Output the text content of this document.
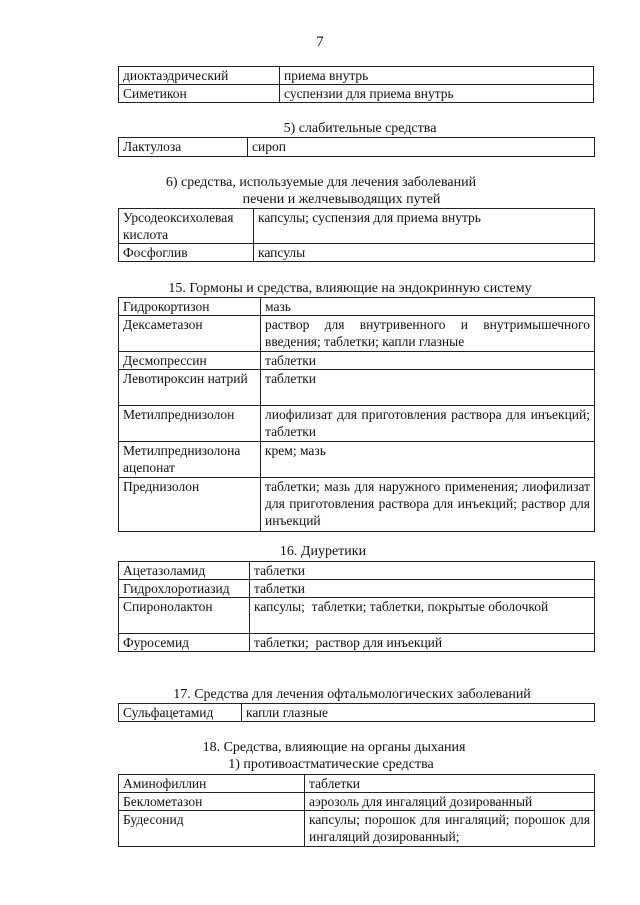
7
диоктаэдрический	приема внутрь
Симетикон	суспензии для приема внутрь
5) слабительные средства
Лактулоза	сироп
6) средства, используемые для лечения заболеваний
печени и желчевыводящих путей
Урсодеоксихолевая кислота	капсулы; суспензия для приема внутрь
Фосфоглив	капсулы
15. Гормоны и средства, влияющие на эндокринную систему
Гидрокортизон	мазь
Дексаметазон	раствор для внутривенного и внутримышечного введения; таблетки; капли глазные
Десмопрессин	таблетки
Левотироксин натрий	таблетки
Метилпреднизолон	лиофилизат для приготовления раствора для инъекций; таблетки
Метилпреднизолона ацепонат	крем; мазь
Преднизолон	таблетки; мазь для наружного применения; лиофилизат для приготовления раствора для инъекций; раствор для инъекций
16. Диуретики
Ацетазоламид	таблетки
Гидрохлоротиазид	таблетки
Спиронолактон	капсулы;  таблетки; таблетки, покрытые оболочкой
Фуросемид	таблетки;  раствор для инъекций
17. Средства для лечения офтальмологических заболеваний
Сульфацетамид	капли глазные
18. Средства, влияющие на органы дыхания
1) противоастматические средства
Аминофиллин	таблетки
Беклометазон	аэрозоль для ингаляций дозированный
Будесонид	капсулы; порошок для ингаляций; порошок для ингаляций дозированный;
